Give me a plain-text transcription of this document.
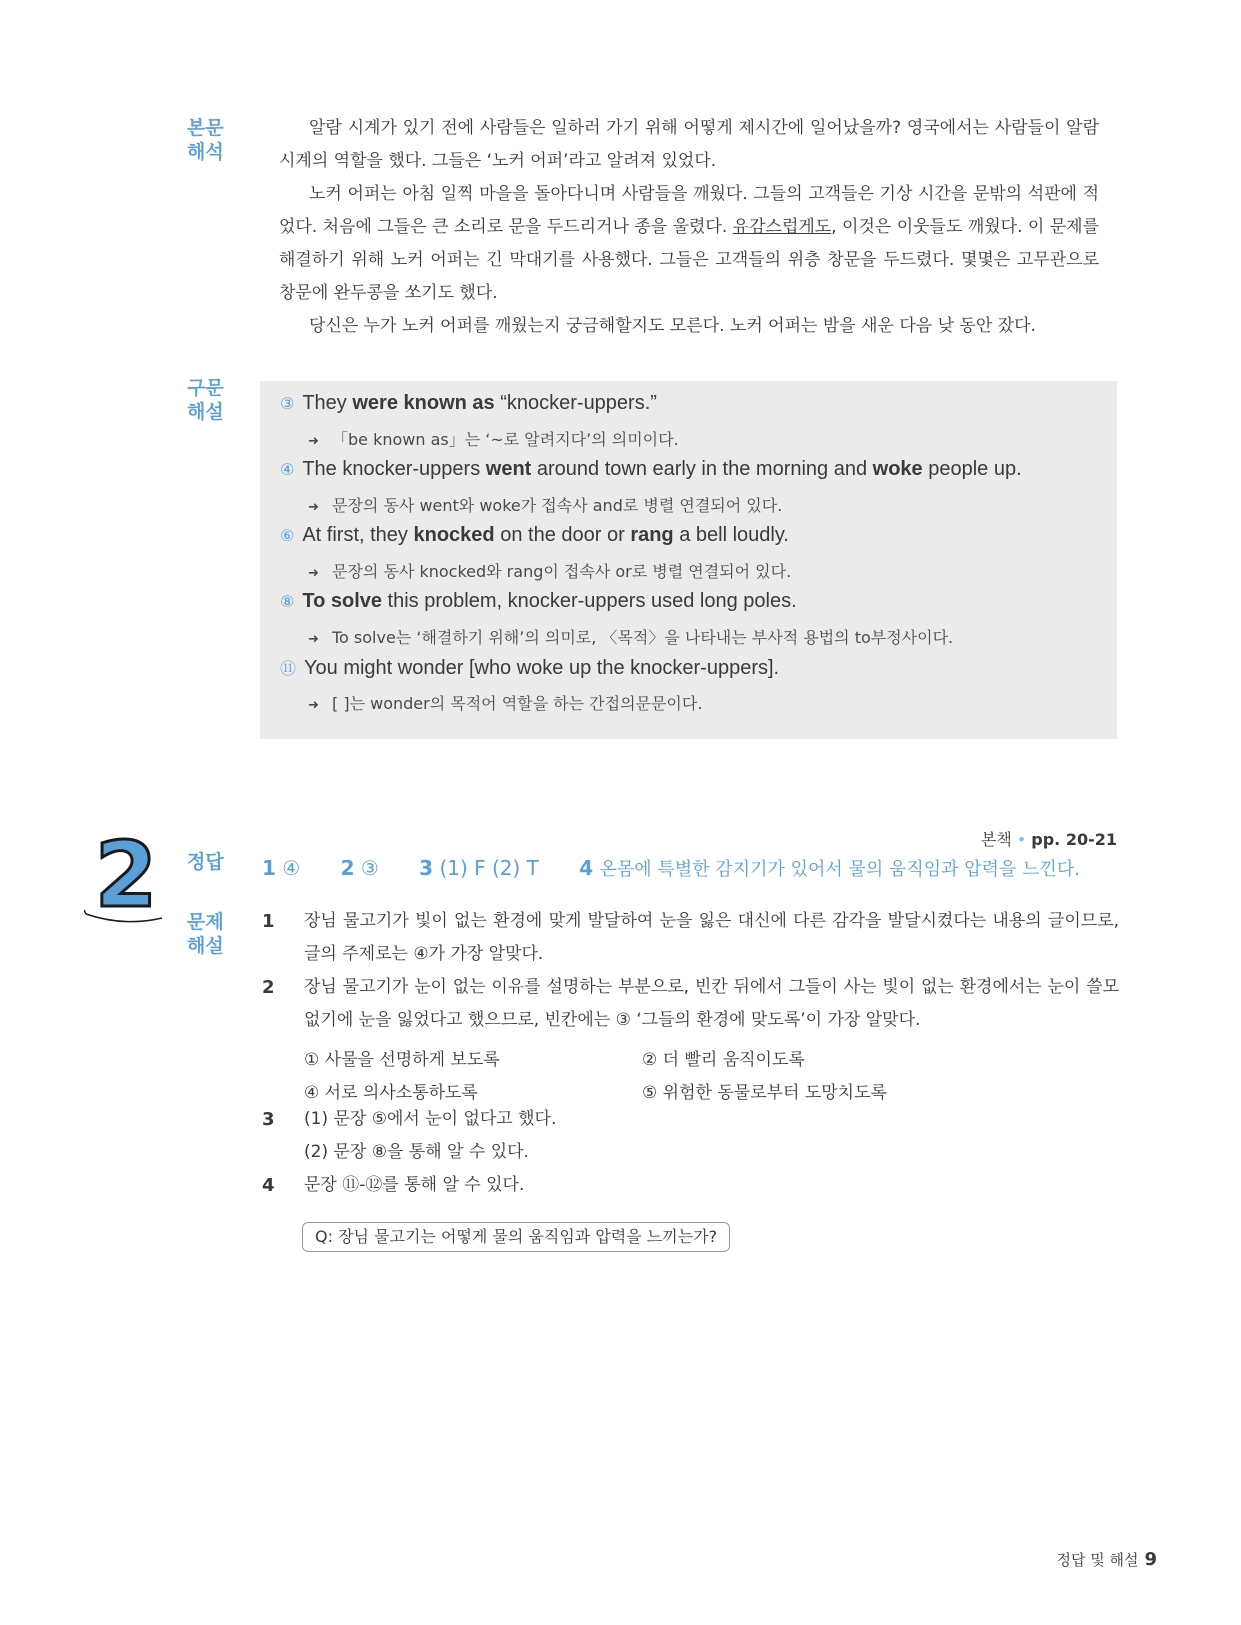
본문
해석

알람 시계가 있기 전에 사람들은 일하러 가기 위해 어떻게 제시간에 일어났을까? 영국에서는 사람들이 알람 시계의 역할을 했다. 그들은 ‘노커 어퍼’라고 알려져 있었다.

노커 어퍼는 아침 일찍 마을을 돌아다니며 사람들을 깨웠다. 그들의 고객들은 기상 시간을 문밖의 석판에 적었다. 처음에 그들은 큰 소리로 문을 두드리거나 종을 울렸다. 유감스럽게도, 이것은 이웃들도 깨웠다. 이 문제를 해결하기 위해 노커 어퍼는 긴 막대기를 사용했다. 그들은 고객들의 위층 창문을 두드렸다. 몇몇은 고무관으로 창문에 완두콩을 쏘기도 했다.

당신은 누가 노커 어퍼를 깨웠는지 궁금해할지도 모른다. 노커 어퍼는 밤을 새운 다음 낮 동안 잤다.

구문
해설	③ They were known as “knocker-uppers.”
➜ 「be known as」는 ‘~로 알려지다’의 의미이다.
④ The knocker-uppers went around town early in the morning and woke people up.
➜ 문장의 동사 went와 woke가 접속사 and로 병렬 연결되어 있다.
⑥ At first, they knocked on the door or rang a bell loudly.
➜ 문장의 동사 knocked와 rang이 접속사 or로 병렬 연결되어 있다.
⑧ To solve this problem, knocker-uppers used long poles.
➜ To solve는 ‘해결하기 위해’의 의미로, 〈목적〉을 나타내는 부사적 용법의 to부정사이다.
⑪ You might wonder [who woke up the knocker-uppers].
➜ [ ]는 wonder의 목적어 역할을 하는 간접의문문이다.
2	본책 • pp. 20-21
정답 1 ④ 2 ③ 3 (1) F (2) T 4 온몸에 특별한 감지기가 있어서 물의 움직임과 압력을 느낀다.
문제
해설
1 장님 물고기가 빛이 없는 환경에 맞게 발달하여 눈을 잃은 대신에 다른 감각을 발달시켰다는 내용의 글이므로, 글의 주제로는 ④가 가장 알맞다.
2 장님 물고기가 눈이 없는 이유를 설명하는 부분으로, 빈칸 뒤에서 그들이 사는 빛이 없는 환경에서는 눈이 쓸모없기에 눈을 잃었다고 했으므로, 빈칸에는 ③ ‘그들의 환경에 맞도록’이 가장 알맞다.
① 사물을 선명하게 보도록	② 더 빨리 움직이도록
④ 서로 의사소통하도록	⑤ 위험한 동물로부터 도망치도록
3 (1) 문장 ⑤에서 눈이 없다고 했다.
(2) 문장 ⑧을 통해 알 수 있다.
4 문장 ⑪-⑫를 통해 알 수 있다.
Q: 장님 물고기는 어떻게 물의 움직임과 압력을 느끼는가?
정답 및 해설 9
